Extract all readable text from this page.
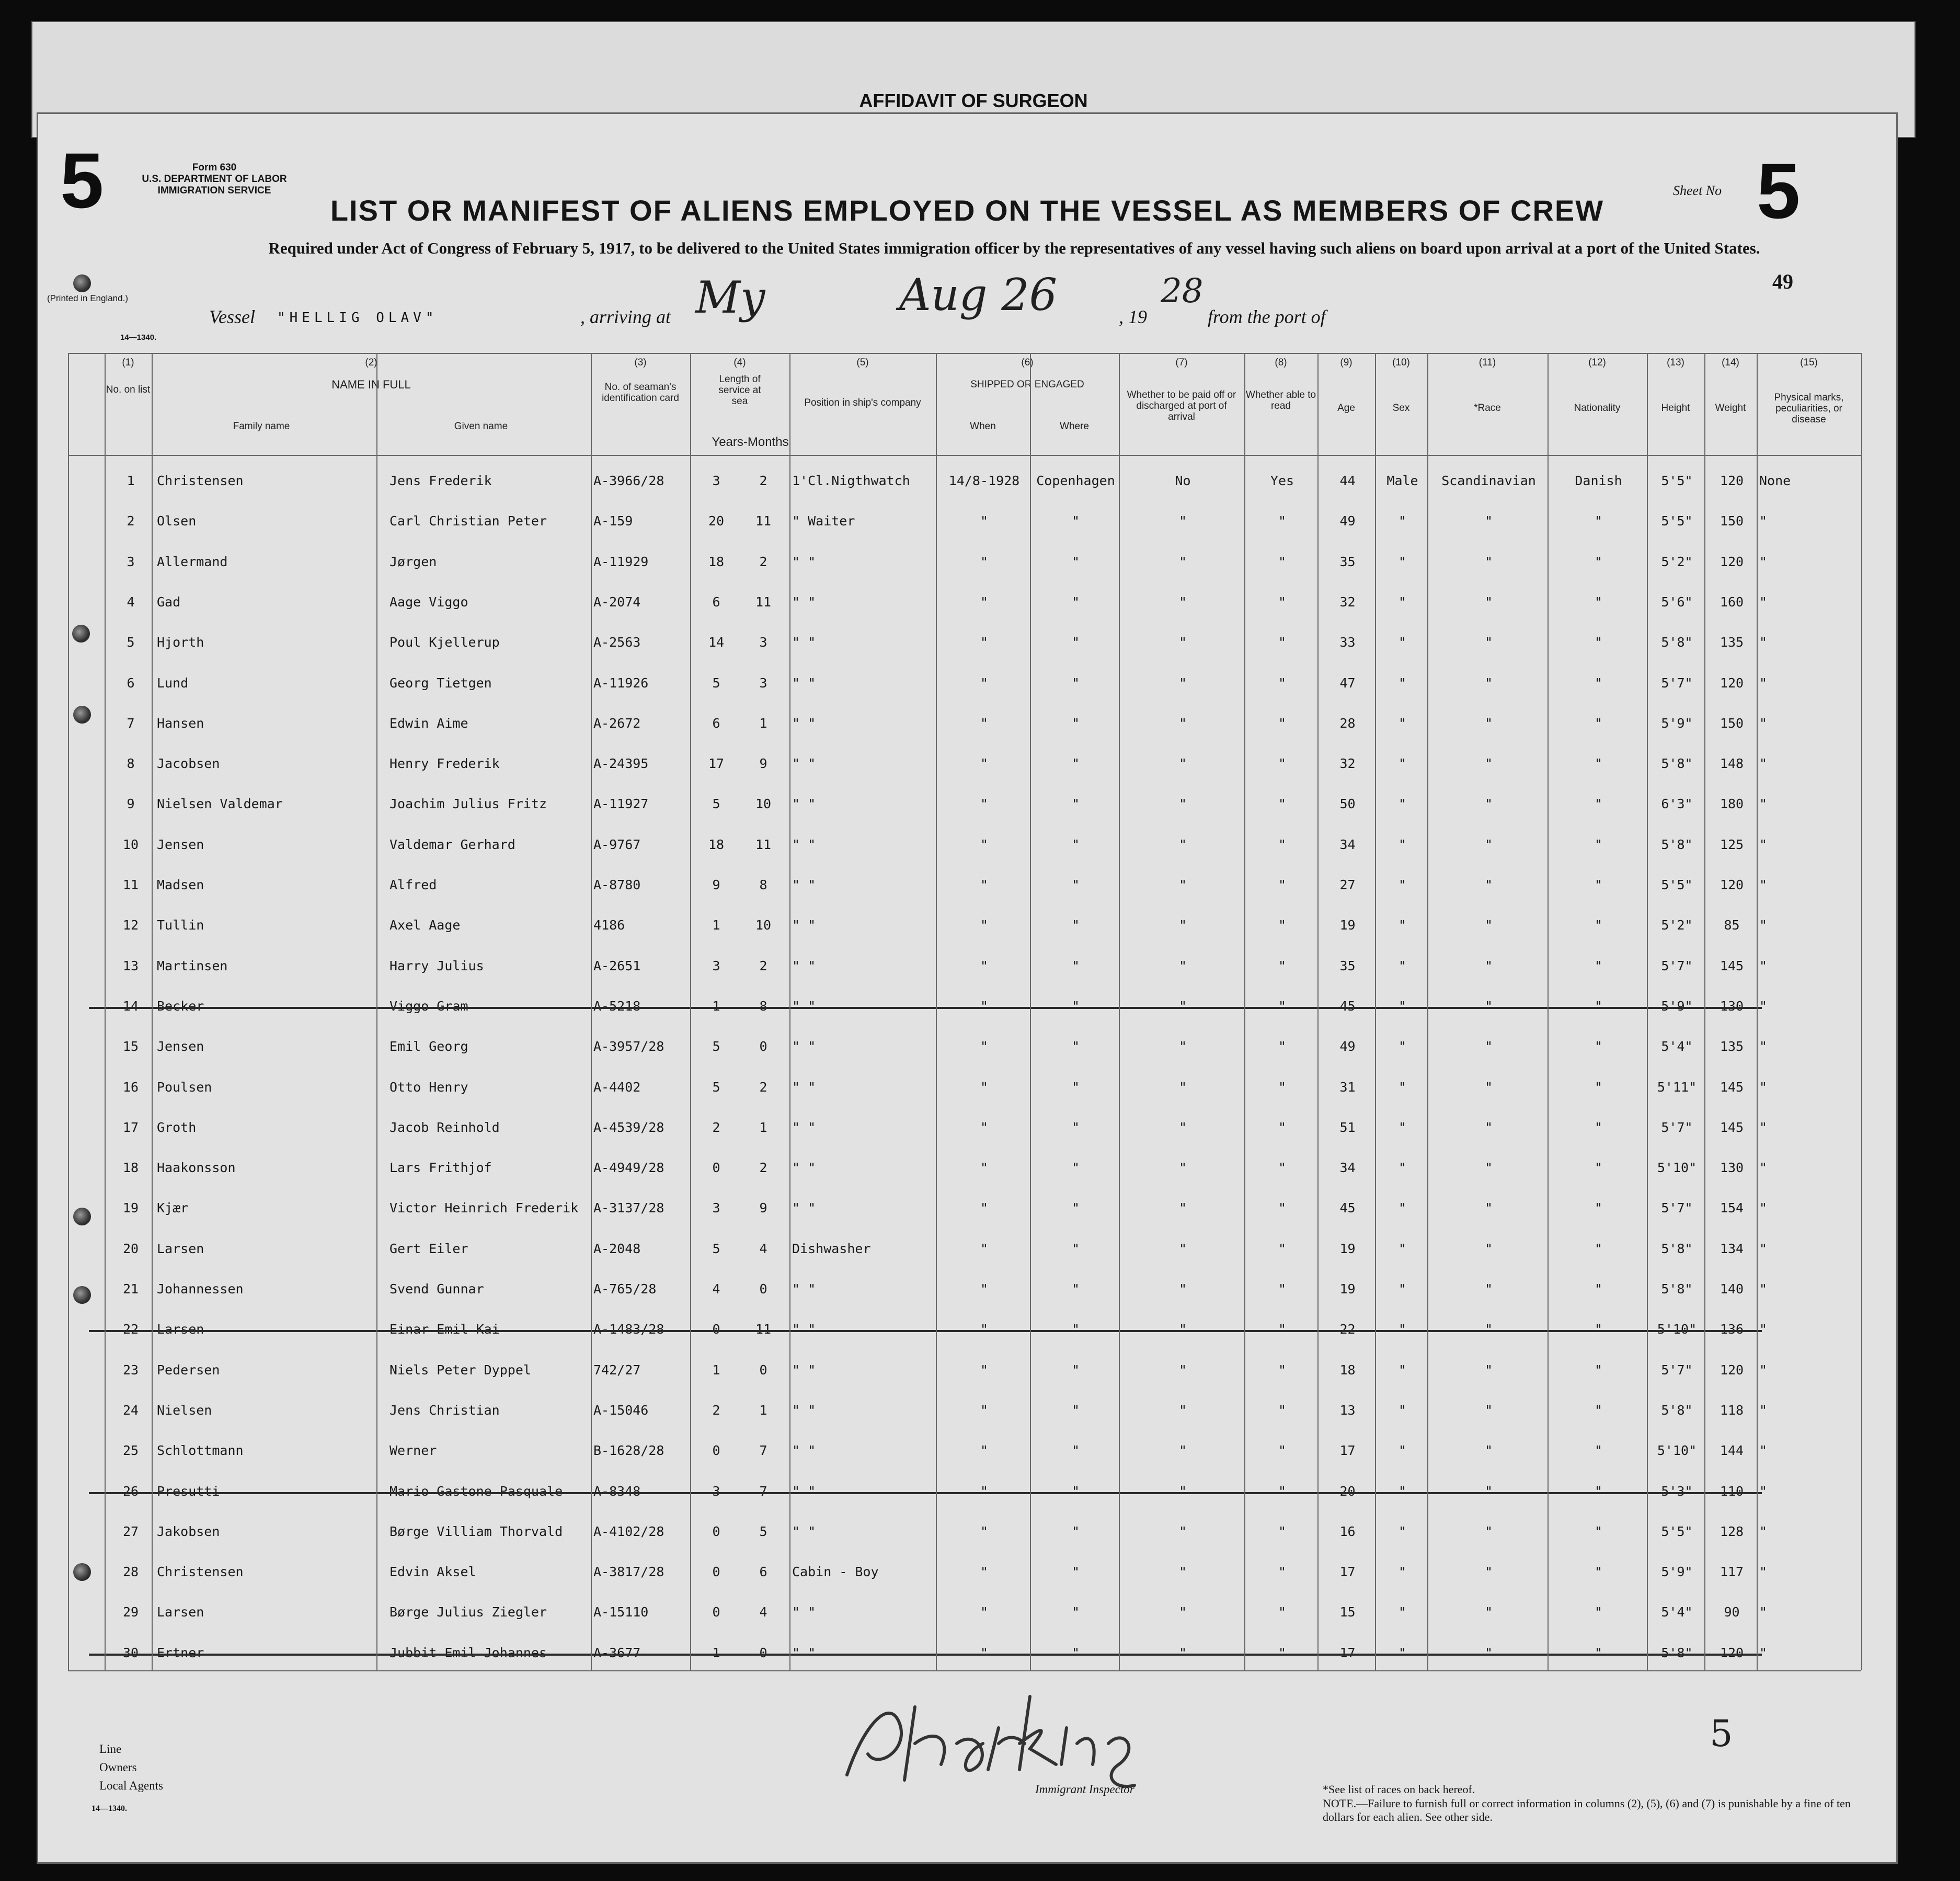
AFFIDAVIT OF SURGEON
5	Form 630
U.S. DEPARTMENT OF LABOR
IMMIGRATION SERVICE	5
Sheet No
LIST OR MANIFEST OF ALIENS EMPLOYED ON THE VESSEL AS MEMBERS OF CREW
Required under Act of Congress of February 5, 1917, to be delivered to the United States immigration officer by the representatives of any vessel having such aliens on board upon arrival at a port of the United States.
(Printed in England.)
14—1340.
49
Vessel "HELLIG OLAV"	, arriving at My	Aug 26	, 19
28
from the port of
(1)
No. on list
(2)
NAME IN FULL
Family name	Given name
(3)
No. of seaman's identification card
(4)
Length of service at sea
Years-Months
(5)
Position in ship's company
(6)
SHIPPED OR ENGAGED
When	Where
(7)
Whether to be paid off or discharged at port of arrival
(8)
Whether able to read
(9)
Age
(10)
Sex
(11)
*Race
(12)
Nationality
(13)
Height
(14)
Weight
(15)
Physical marks, peculiarities, or disease
1	Christensen	Jens Frederik	A-3966/28	3	2	1'Cl.Nigthwatch	14/8-1928	Copenhagen	No	Yes	44	Male	Scandinavian	Danish	5'5"	120	None
2	Olsen	Carl Christian Peter	A-159	20	11	" Waiter	"	"	"	"	49	"	"	"	5'5"	150	"
3	Allermand	Jørgen	A-11929	18	2	" "	"	"	"	"	35	"	"	"	5'2"	120	"
4	Gad	Aage Viggo	A-2074	6	11	" "	"	"	"	"	32	"	"	"	5'6"	160	"
5	Hjorth	Poul Kjellerup	A-2563	14	3	" "	"	"	"	"	33	"	"	"	5'8"	135	"
6	Lund	Georg Tietgen	A-11926	5	3	" "	"	"	"	"	47	"	"	"	5'7"	120	"
7	Hansen	Edwin Aime	A-2672	6	1	" "	"	"	"	"	28	"	"	"	5'9"	150	"
8	Jacobsen	Henry Frederik	A-24395	17	9	" "	"	"	"	"	32	"	"	"	5'8"	148	"
9	Nielsen Valdemar	Joachim Julius Fritz	A-11927	5	10	" "	"	"	"	"	50	"	"	"	6'3"	180	"
10	Jensen	Valdemar Gerhard	A-9767	18	11	" "	"	"	"	"	34	"	"	"	5'8"	125	"
11	Madsen	Alfred	A-8780	9	8	" "	"	"	"	"	27	"	"	"	5'5"	120	"
12	Tullin	Axel Aage	4186	1	10	" "	"	"	"	"	19	"	"	"	5'2"	85	"
13	Martinsen	Harry Julius	A-2651	3	2	" "	"	"	"	"	35	"	"	"	5'7"	145	"
14	Becker	Viggo Gram	A-5218	1	8	" "	"	"	"	"	45	"	"	"	5'9"	130	"
15	Jensen	Emil Georg	A-3957/28	5	0	" "	"	"	"	"	49	"	"	"	5'4"	135	"
16	Poulsen	Otto Henry	A-4402	5	2	" "	"	"	"	"	31	"	"	"	5'11"	145	"
17	Groth	Jacob Reinhold	A-4539/28	2	1	" "	"	"	"	"	51	"	"	"	5'7"	145	"
18	Haakonsson	Lars Frithjof	A-4949/28	0	2	" "	"	"	"	"	34	"	"	"	5'10"	130	"
19	Kjær	Victor Heinrich Frederik	A-3137/28	3	9	" "	"	"	"	"	45	"	"	"	5'7"	154	"
20	Larsen	Gert Eiler	A-2048	5	4	Dishwasher	"	"	"	"	19	"	"	"	5'8"	134	"
21	Johannessen	Svend Gunnar	A-765/28	4	0	" "	"	"	"	"	19	"	"	"	5'8"	140	"
22	Larsen	Einar Emil Kai	A-1483/28	0	11	" "	"	"	"	"	22	"	"	"	5'10"	136	"
23	Pedersen	Niels Peter Dyppel	742/27	1	0	" "	"	"	"	"	18	"	"	"	5'7"	120	"
24	Nielsen	Jens Christian	A-15046	2	1	" "	"	"	"	"	13	"	"	"	5'8"	118	"
25	Schlottmann	Werner	B-1628/28	0	7	" "	"	"	"	"	17	"	"	"	5'10"	144	"
26	Presutti	Mario Gastone Pasquale	A-8348	3	7	" "	"	"	"	"	20	"	"	"	5'3"	110	"
27	Jakobsen	Børge Villiam Thorvald	A-4102/28	0	5	" "	"	"	"	"	16	"	"	"	5'5"	128	"
28	Christensen	Edvin Aksel	A-3817/28	0	6	Cabin - Boy	"	"	"	"	17	"	"	"	5'9"	117	"
29	Larsen	Børge Julius Ziegler	A-15110	0	4	" "	"	"	"	"	15	"	"	"	5'4"	90	"
30	Ertner	Jubbit Emil Johannes	A-3677	1	0	" "	"	"	"	"	17	"	"	"	5'8"	120	"
Line
Owners
Local Agents
14—1340.
Immigrant Inspector	*See list of races on back hereof.
NOTE.—Failure to furnish full or correct information in columns (2), (5), (6) and (7) is punishable by a fine of ten dollars for each alien. See other side.
5
